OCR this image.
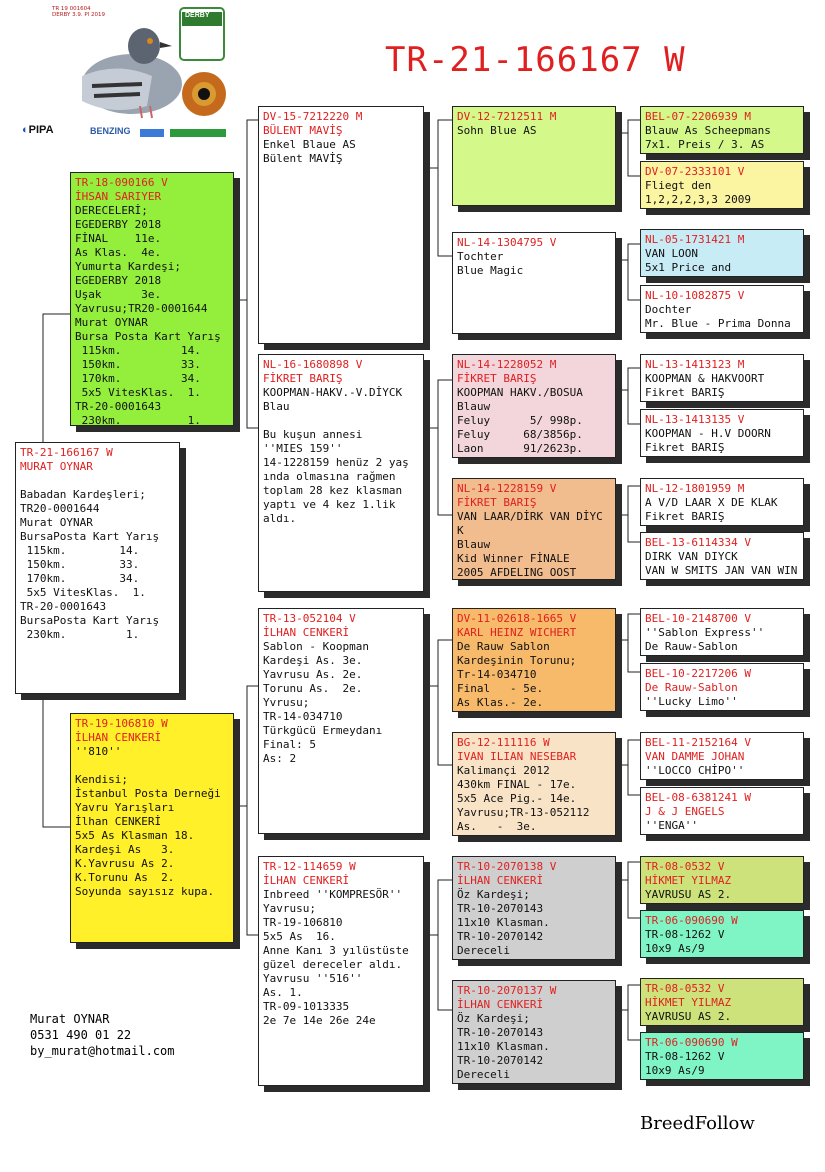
TR 19 001604
DERBY 3.9. Pl 2019	DERBY
◐PIPA	BENZING
TR-21-166167 W
TR-21-166167 W
MURAT OYNAR
Babadan Kardeşleri;
TR20-0001644
Murat OYNAR
BursaPosta Kart Yarış
115km.        14.
150km.        33.
170km.        34.
5x5 VitesKlas.  1.
TR-20-0001643
BursaPosta Kart Yarış
230km.         1.
TR-18-090166 V
İHSAN SARIYER
DERECELERİ;
EGEDERBY 2018
FİNAL    11e.
As Klas.  4e.
Yumurta Kardeşi;
EGEDERBY 2018
Uşak      3e.
Yavrusu;TR20-0001644
Murat OYNAR
Bursa Posta Kart Yarış
115km.         14.
150km.         33.
170km.         34.
5x5 VitesKlas.  1.
TR-20-0001643
230km.          1.
TR-19-106810 W
İLHAN CENKERİ
''810''
Kendisi;
İstanbul Posta Derneği
Yavru Yarışları
İlhan CENKERİ
5x5 As Klasman 18.
Kardeşi As   3.
K.Yavrusu As 2.
K.Torunu As  2.
Soyunda sayısız kupa.
DV-15-7212220 M
BÜLENT MAVİŞ
Enkel Blaue AS
Bülent MAVİŞ
NL-16-1680898 V
FİKRET BARIŞ
KOOPMAN-HAKV.-V.DİYCK
Blau
Bu kuşun annesi
''MIES 159''
14-1228159 henüz 2 yaş
ında olmasına rağmen
toplam 28 kez klasman
yaptı ve 4 kez 1.lik
aldı.
TR-13-052104 V
İLHAN CENKERİ
Sablon - Koopman
Kardeşi As. 3e.
Yavrusu As. 2e.
Torunu As.  2e.
Yvrusu;
TR-14-034710
Türkgücü Ermeydanı
Final: 5
As: 2
TR-12-114659 W
İLHAN CENKERİ
Inbreed ''KOMPRESÖR''
Yavrusu;
TR-19-106810
5x5 As  16.
Anne Kanı 3 yılüstüste
güzel dereceler aldı.
Yavrusu ''516''
As. 1.
TR-09-1013335
2e 7e 14e 26e 24e
DV-12-7212511 M
Sohn Blue AS
NL-14-1304795 V
Tochter
Blue Magic
NL-14-1228052 M
FİKRET BARIŞ
KOOPMAN HAKV./BOSUA
Blauw
Feluy      5/ 998p.
Feluy     68/3856p.
Laon      91/2623p.
NL-14-1228159 V
FİKRET BARIŞ
VAN LAAR/DİRK VAN DİYC
K
Blauw
Kid Winner FİNALE
2005 AFDELING OOST
DV-11-02618-1665 V
KARL HEINZ WICHERT
De Rauw Sablon
Kardeşinin Torunu;
Tr-14-034710
Final   - 5e.
As Klas.- 2e.
BG-12-111116 W
IVAN ILIAN NESEBAR
Kalimançi 2012
430km FINAL - 17e.
5x5 Ace Pig.- 14e.
Yavrusu;TR-13-052112
As.   -  3e.
TR-10-2070138 V
İLHAN CENKERİ
Öz Kardeşi;
TR-10-2070143
11x10 Klasman.
TR-10-2070142
Dereceli
TR-10-2070137 W
İLHAN CENKERİ
Öz Kardeşi;
TR-10-2070143
11x10 Klasman.
TR-10-2070142
Dereceli
BEL-07-2206939 M
Blauw As Scheepmans
7x1. Preis / 3. AS
DV-07-2333101 V
Fliegt den
1,2,2,2,3,3 2009
NL-05-1731421 M
VAN LOON
5x1 Price and
NL-10-1082875 V
Dochter
Mr. Blue - Prima Donna
NL-13-1413123 M
KOOPMAN & HAKVOORT
Fikret BARIŞ
NL-13-1413135 V
KOOPMAN - H.V DOORN
Fikret BARIŞ
NL-12-1801959 M
A V/D LAAR X DE KLAK
Fikret BARIŞ
BEL-13-6114334 V
DIRK VAN DIYCK
VAN W SMITS JAN VAN WIN
BEL-10-2148700 V
''Sablon Express''
De Rauw-Sablon
BEL-10-2217206 W
De Rauw-Sablon
''Lucky Limo''
BEL-11-2152164 V
VAN DAMME JOHAN
''LOCCO CHİPO''
BEL-08-6381241 W
J & J ENGELS
''ENGA''
TR-08-0532 V
HİKMET YILMAZ
YAVRUSU AS 2.
TR-06-090690 W
TR-08-1262 V
10x9 As/9
TR-08-0532 V
HİKMET YILMAZ
YAVRUSU AS 2.
TR-06-090690 W
TR-08-1262 V
10x9 As/9
Murat OYNAR
0531 490 01 22
by_murat@hotmail.com
BreedFollow
